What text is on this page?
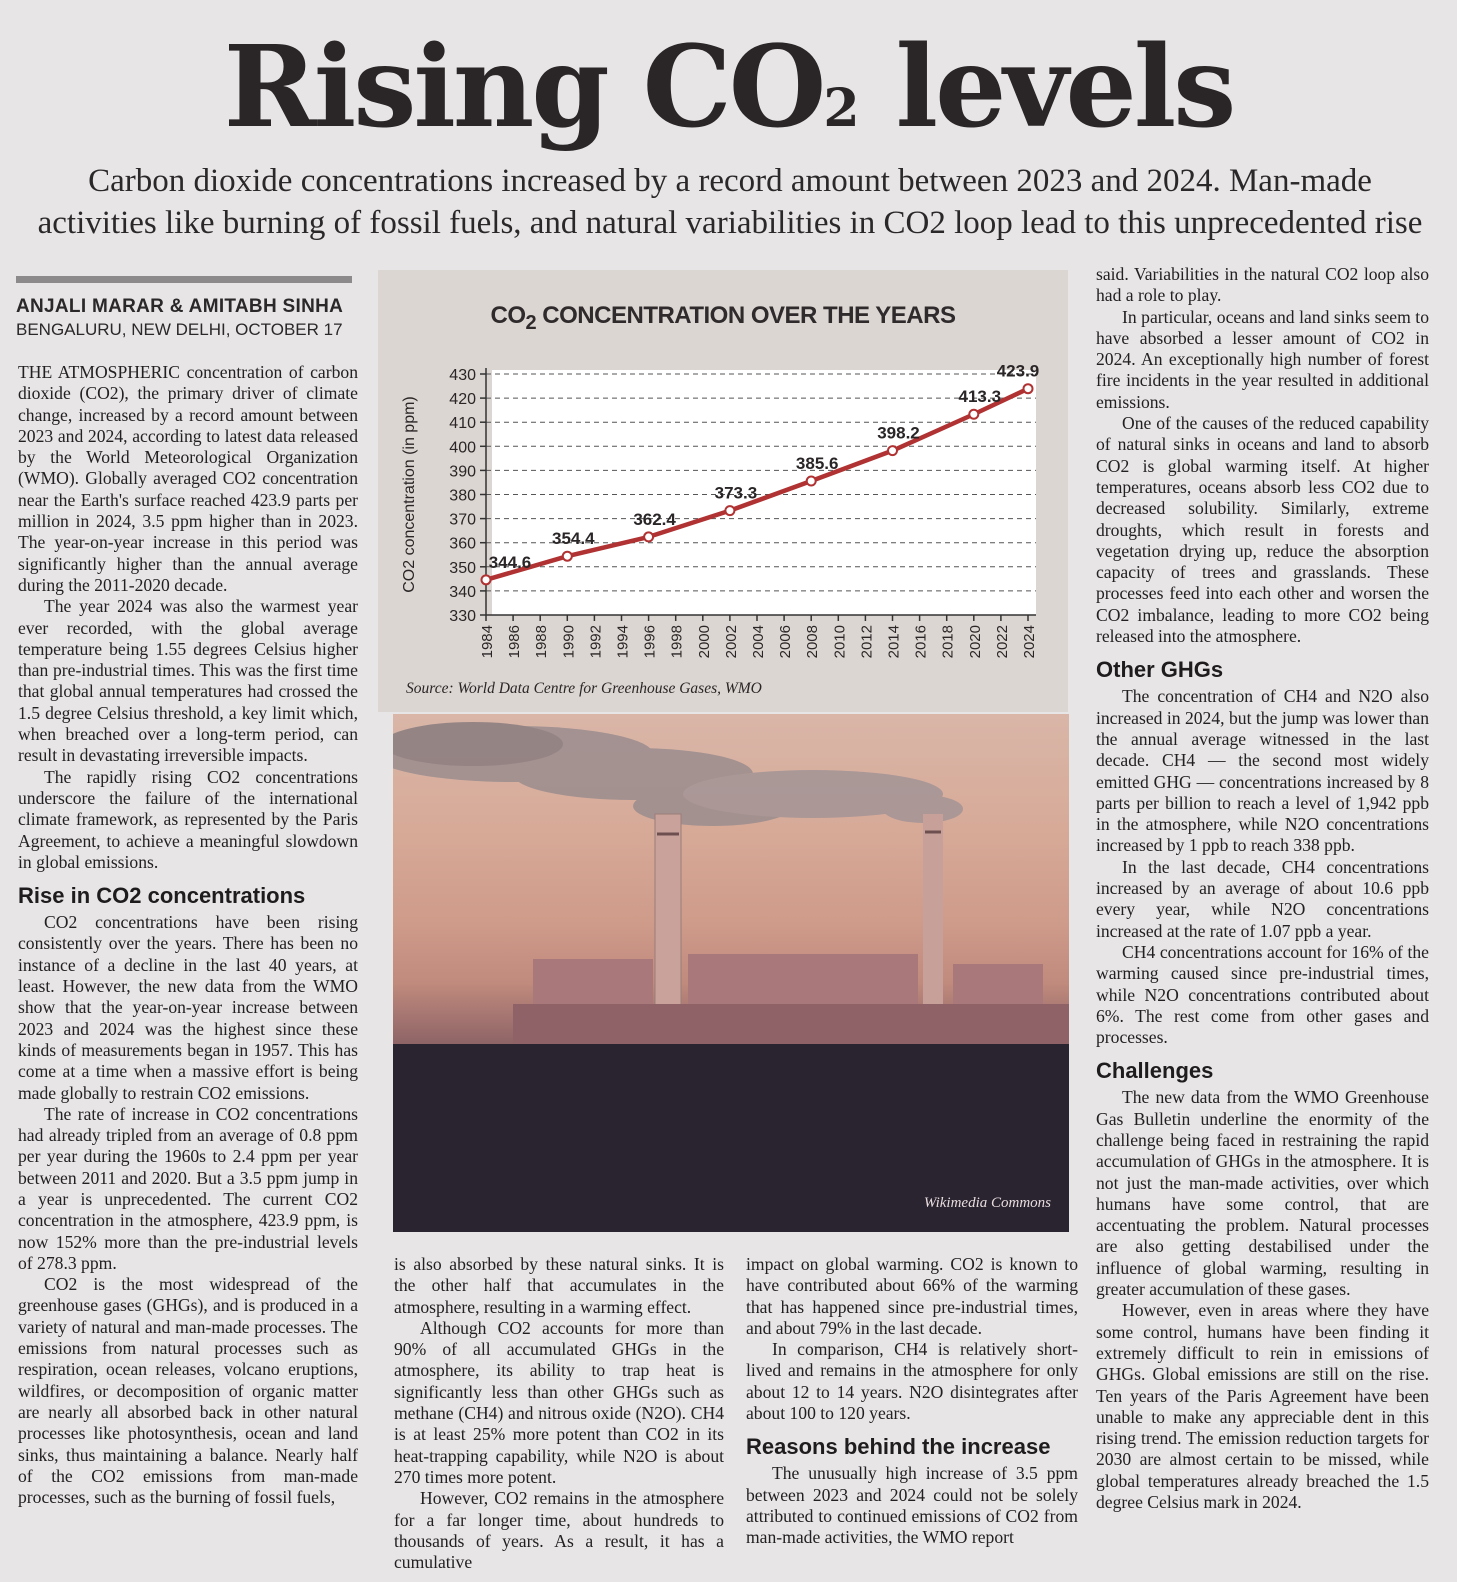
Rising CO2 levels
Carbon dioxide concentrations increased by a record amount between 2023 and 2024. Man-made activities like burning of fossil fuels, and natural variabilities in CO2 loop lead to this unprecedented rise
ANJALI MARAR & AMITABH SINHA
BENGALURU, NEW DELHI, OCTOBER 17

THE ATMOSPHERIC concentration of carbon dioxide (CO2), the primary driver of climate change, increased by a record amount between 2023 and 2024, according to latest data released by the World Meteorological Organization (WMO). Globally averaged CO2 concentration near the Earth's surface reached 423.9 parts per million in 2024, 3.5 ppm higher than in 2023. The year-on-year increase in this period was significantly higher than the annual average during the 2011-2020 decade.

The year 2024 was also the warmest year ever recorded, with the global average temperature being 1.55 degrees Celsius higher than pre-industrial times. This was the first time that global annual temperatures had crossed the 1.5 degree Celsius threshold, a key limit which, when breached over a long-term period, can result in devastating irreversible impacts.

The rapidly rising CO2 concentrations underscore the failure of the international climate framework, as represented by the Paris Agreement, to achieve a meaningful slowdown in global emissions.

Rise in CO2 concentrations

CO2 concentrations have been rising consistently over the years. There has been no instance of a decline in the last 40 years, at least. However, the new data from the WMO show that the year-on-year increase between 2023 and 2024 was the highest since these kinds of measurements began in 1957. This has come at a time when a massive effort is being made globally to restrain CO2 emissions.

The rate of increase in CO2 concentrations had already tripled from an average of 0.8 ppm per year during the 1960s to 2.4 ppm per year between 2011 and 2020. But a 3.5 ppm jump in a year is unprecedented. The current CO2 concentration in the atmosphere, 423.9 ppm, is now 152% more than the pre-industrial levels of 278.3 ppm.

CO2 is the most widespread of the greenhouse gases (GHGs), and is produced in a variety of natural and man-made processes. The emissions from natural processes such as respiration, ocean releases, volcano eruptions, wildfires, or decomposition of organic matter are nearly all absorbed back in other natural processes like photosynthesis, ocean and land sinks, thus maintaining a balance. Nearly half of the CO2 emissions from man-made processes, such as the burning of fossil fuels,

$CO_2$ CONCENTRATION OVER THE YEARS
330
340
350
360
370
380
390
400
410
420
430
CO2 concentration (in ppm)
1984 1986 1988 1990 1992 1994 1996 1998 2000 2002 2004 2006 2008 2010 2012 2014 2016 2018 2020 2022 2024
344.6
354.4
362.4
373.3
385.6
398.2
413.3
423.9
Source: World Data Centre for Greenhouse Gases, WMO
Wikimedia Commons

is also absorbed by these natural sinks. It is the other half that accumulates in the atmosphere, resulting in a warming effect.

Although CO2 accounts for more than 90% of all accumulated GHGs in the atmosphere, its ability to trap heat is significantly less than other GHGs such as methane (CH4) and nitrous oxide (N2O). CH4 is at least 25% more potent than CO2 in its heat-trapping capability, while N2O is about 270 times more potent.

However, CO2 remains in the atmosphere for a far longer time, about hundreds to thousands of years. As a result, it has a cumulative

impact on global warming. CO2 is known to have contributed about 66% of the warming that has happened since pre-industrial times, and about 79% in the last decade.

In comparison, CH4 is relatively short-lived and remains in the atmosphere for only about 12 to 14 years. N2O disintegrates after about 100 to 120 years.

Reasons behind the increase

The unusually high increase of 3.5 ppm between 2023 and 2024 could not be solely attributed to continued emissions of CO2 from man-made activities, the WMO report

said. Variabilities in the natural CO2 loop also had a role to play.

In particular, oceans and land sinks seem to have absorbed a lesser amount of CO2 in 2024. An exceptionally high number of forest fire incidents in the year resulted in additional emissions.

One of the causes of the reduced capability of natural sinks in oceans and land to absorb CO2 is global warming itself. At higher temperatures, oceans absorb less CO2 due to decreased solubility. Similarly, extreme droughts, which result in forests and vegetation drying up, reduce the absorption capacity of trees and grasslands. These processes feed into each other and worsen the CO2 imbalance, leading to more CO2 being released into the atmosphere.

Other GHGs

The concentration of CH4 and N2O also increased in 2024, but the jump was lower than the annual average witnessed in the last decade. CH4 — the second most widely emitted GHG — concentrations increased by 8 parts per billion to reach a level of 1,942 ppb in the atmosphere, while N2O concentrations increased by 1 ppb to reach 338 ppb.

In the last decade, CH4 concentrations increased by an average of about 10.6 ppb every year, while N2O concentrations increased at the rate of 1.07 ppb a year.

CH4 concentrations account for 16% of the warming caused since pre-industrial times, while N2O concentrations contributed about 6%. The rest come from other gases and processes.

Challenges

The new data from the WMO Greenhouse Gas Bulletin underline the enormity of the challenge being faced in restraining the rapid accumulation of GHGs in the atmosphere. It is not just the man-made activities, over which humans have some control, that are accentuating the problem. Natural processes are also getting destabilised under the influence of global warming, resulting in greater accumulation of these gases.

However, even in areas where they have some control, humans have been finding it extremely difficult to rein in emissions of GHGs. Global emissions are still on the rise. Ten years of the Paris Agreement have been unable to make any appreciable dent in this rising trend. The emission reduction targets for 2030 are almost certain to be missed, while global temperatures already breached the 1.5 degree Celsius mark in 2024.
